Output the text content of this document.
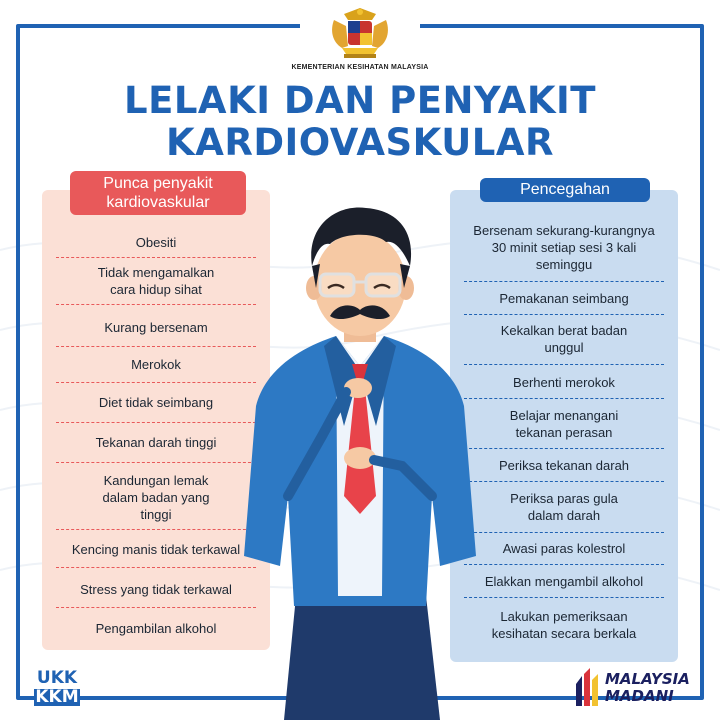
KEMENTERIAN KESIHATAN MALAYSIA
LELAKI DAN PENYAKIT
KARDIOVASKULAR
Punca penyakit
kardiovaskular
Obesiti
Tidak mengamalkan
cara hidup sihat
Kurang bersenam
Merokok
Diet tidak seimbang
Tekanan darah tinggi
Kandungan lemak
dalam badan yang
tinggi
Kencing manis tidak terkawal
Stress yang tidak terkawal
Pengambilan alkohol
Pencegahan
Bersenam sekurang-kurangnya
30 minit setiap sesi 3 kali
seminggu
Pemakanan seimbang
Kekalkan berat badan
unggul
Berhenti merokok
Belajar menangani
tekanan perasan
Periksa tekanan darah
Periksa paras gula
dalam darah
Awasi paras kolestrol
Elakkan mengambil alkohol
Lakukan pemeriksaan
kesihatan secara berkala
UKK
KKM
MALAYSIA
MADANI
